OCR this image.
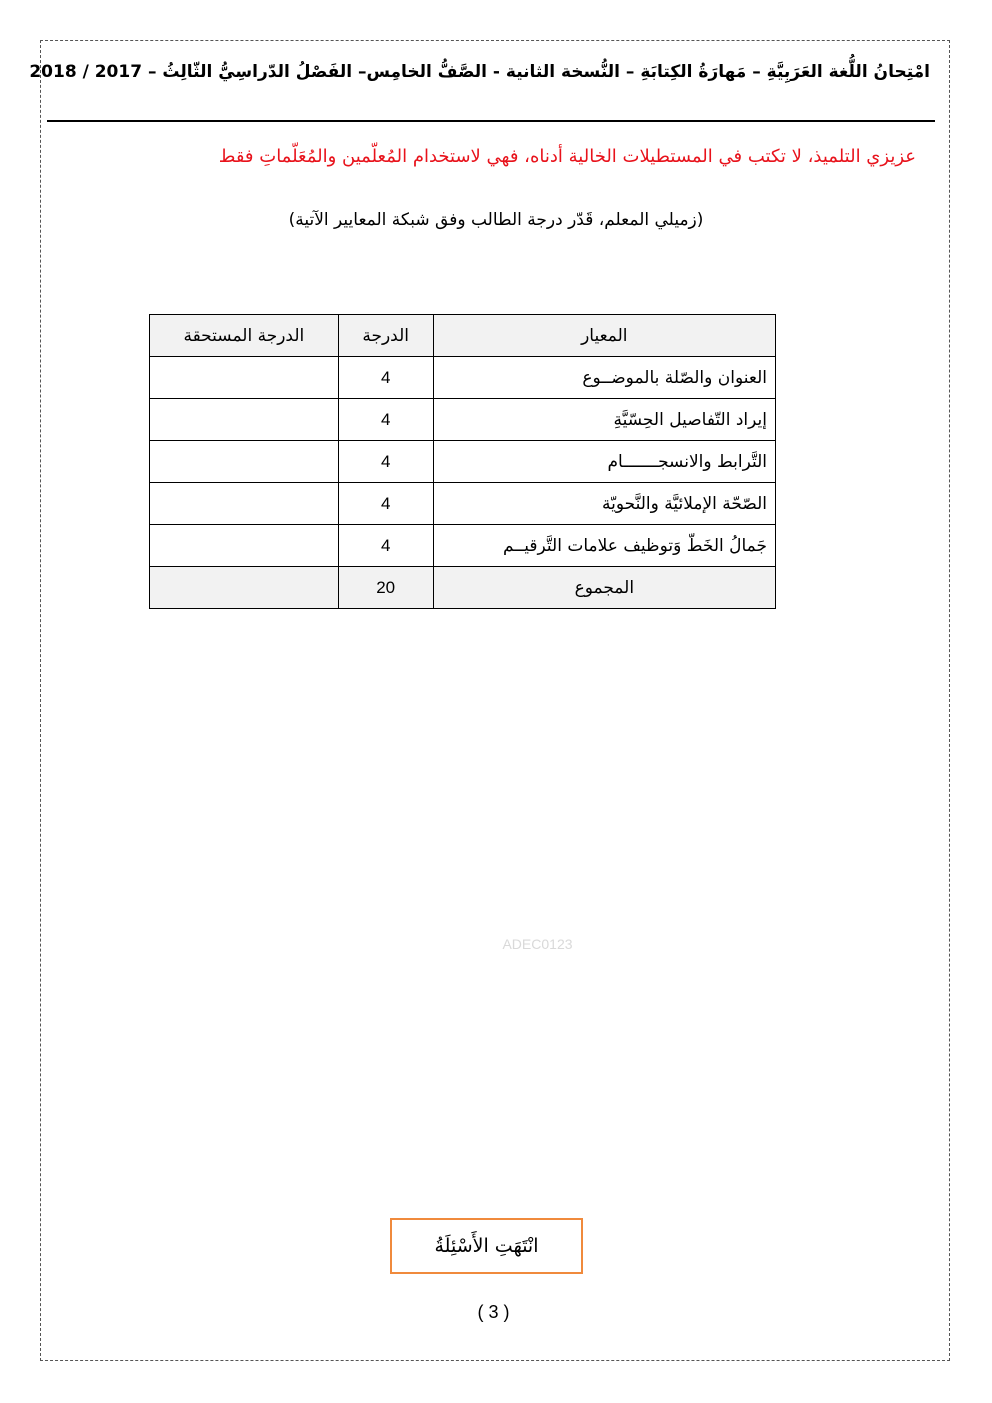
امْتِحانُ اللُّغة العَرَبِيَّةِ – مَهارَةُ الكِتابَةِ – النُّسخة الثانية - الصَّفُّ الخامِس– الفَصْلُ الدّراسِيُّ الثّالِثُ – 2017 / 2018
عزيزي التلميذ، لا تكتب في المستطيلات الخالية أدناه، فهي لاستخدام المُعلّمين والمُعَلّماتِ فقط
(زميلي المعلم، قَدّر درجة الطالب وفق شبكة المعايير الآتية)
المعيار	الدرجة	الدرجة المستحقة
العنوان والصّلة بالموضــوع	4	
إيراد التّفاصيل الحِسّيَّةِ	4	
التَّرابط والانسجـــــــام	4	
الصّحّة الإملائيَّة والنَّحويّة	4	
جَمالُ الخَطّ وَتوظيف علامات التَّرقيــم	4	
المجموع	20	
ADEC0123
انْتَهَتِ الأَسْئِلَةُ
( 3 )
